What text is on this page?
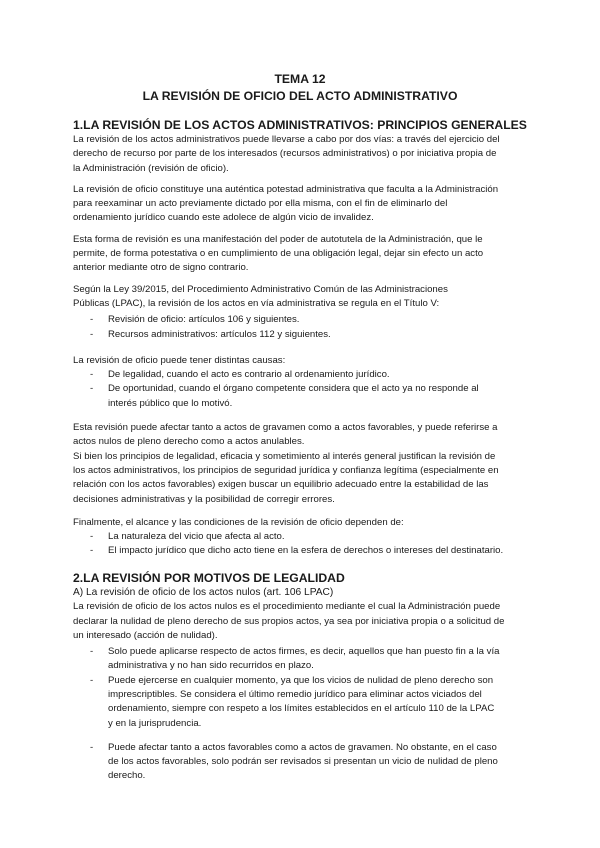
TEMA 12
LA REVISIÓN DE OFICIO DEL ACTO ADMINISTRATIVO
1.LA REVISIÓN DE LOS ACTOS ADMINISTRATIVOS: PRINCIPIOS GENERALES
La revisión de los actos administrativos puede llevarse a cabo por dos vías: a través del ejercicio del
derecho de recurso por parte de los interesados (recursos administrativos) o por iniciativa propia de
la Administración (revisión de oficio).
La revisión de oficio constituye una auténtica potestad administrativa que faculta a la Administración
para reexaminar un acto previamente dictado por ella misma, con el fin de eliminarlo del
ordenamiento jurídico cuando este adolece de algún vicio de invalidez.
Esta forma de revisión es una manifestación del poder de autotutela de la Administración, que le
permite, de forma potestativa o en cumplimiento de una obligación legal, dejar sin efecto un acto
anterior mediante otro de signo contrario.
Según la Ley 39/2015, del Procedimiento Administrativo Común de las Administraciones
Públicas (LPAC), la revisión de los actos en vía administrativa se regula en el Título V:
- Revisión de oficio: artículos 106 y siguientes.
- Recursos administrativos: artículos 112 y siguientes.
La revisión de oficio puede tener distintas causas:
- De legalidad, cuando el acto es contrario al ordenamiento jurídico.
- De oportunidad, cuando el órgano competente considera que el acto ya no responde al
interés público que lo motivó.
Esta revisión puede afectar tanto a actos de gravamen como a actos favorables, y puede referirse a
actos nulos de pleno derecho como a actos anulables.
Si bien los principios de legalidad, eficacia y sometimiento al interés general justifican la revisión de
los actos administrativos, los principios de seguridad jurídica y confianza legítima (especialmente en
relación con los actos favorables) exigen buscar un equilibrio adecuado entre la estabilidad de las
decisiones administrativas y la posibilidad de corregir errores.
Finalmente, el alcance y las condiciones de la revisión de oficio dependen de:
- La naturaleza del vicio que afecta al acto.
- El impacto jurídico que dicho acto tiene en la esfera de derechos o intereses del destinatario.
2.LA REVISIÓN POR MOTIVOS DE LEGALIDAD
A) La revisión de oficio de los actos nulos (art. 106 LPAC)
La revisión de oficio de los actos nulos es el procedimiento mediante el cual la Administración puede
declarar la nulidad de pleno derecho de sus propios actos, ya sea por iniciativa propia o a solicitud de
un interesado (acción de nulidad).
- Solo puede aplicarse respecto de actos firmes, es decir, aquellos que han puesto fin a la vía
administrativa y no han sido recurridos en plazo.
- Puede ejercerse en cualquier momento, ya que los vicios de nulidad de pleno derecho son
imprescriptibles. Se considera el último remedio jurídico para eliminar actos viciados del
ordenamiento, siempre con respeto a los límites establecidos en el artículo 110 de la LPAC
y en la jurisprudencia.
- Puede afectar tanto a actos favorables como a actos de gravamen. No obstante, en el caso
de los actos favorables, solo podrán ser revisados si presentan un vicio de nulidad de pleno
derecho.
